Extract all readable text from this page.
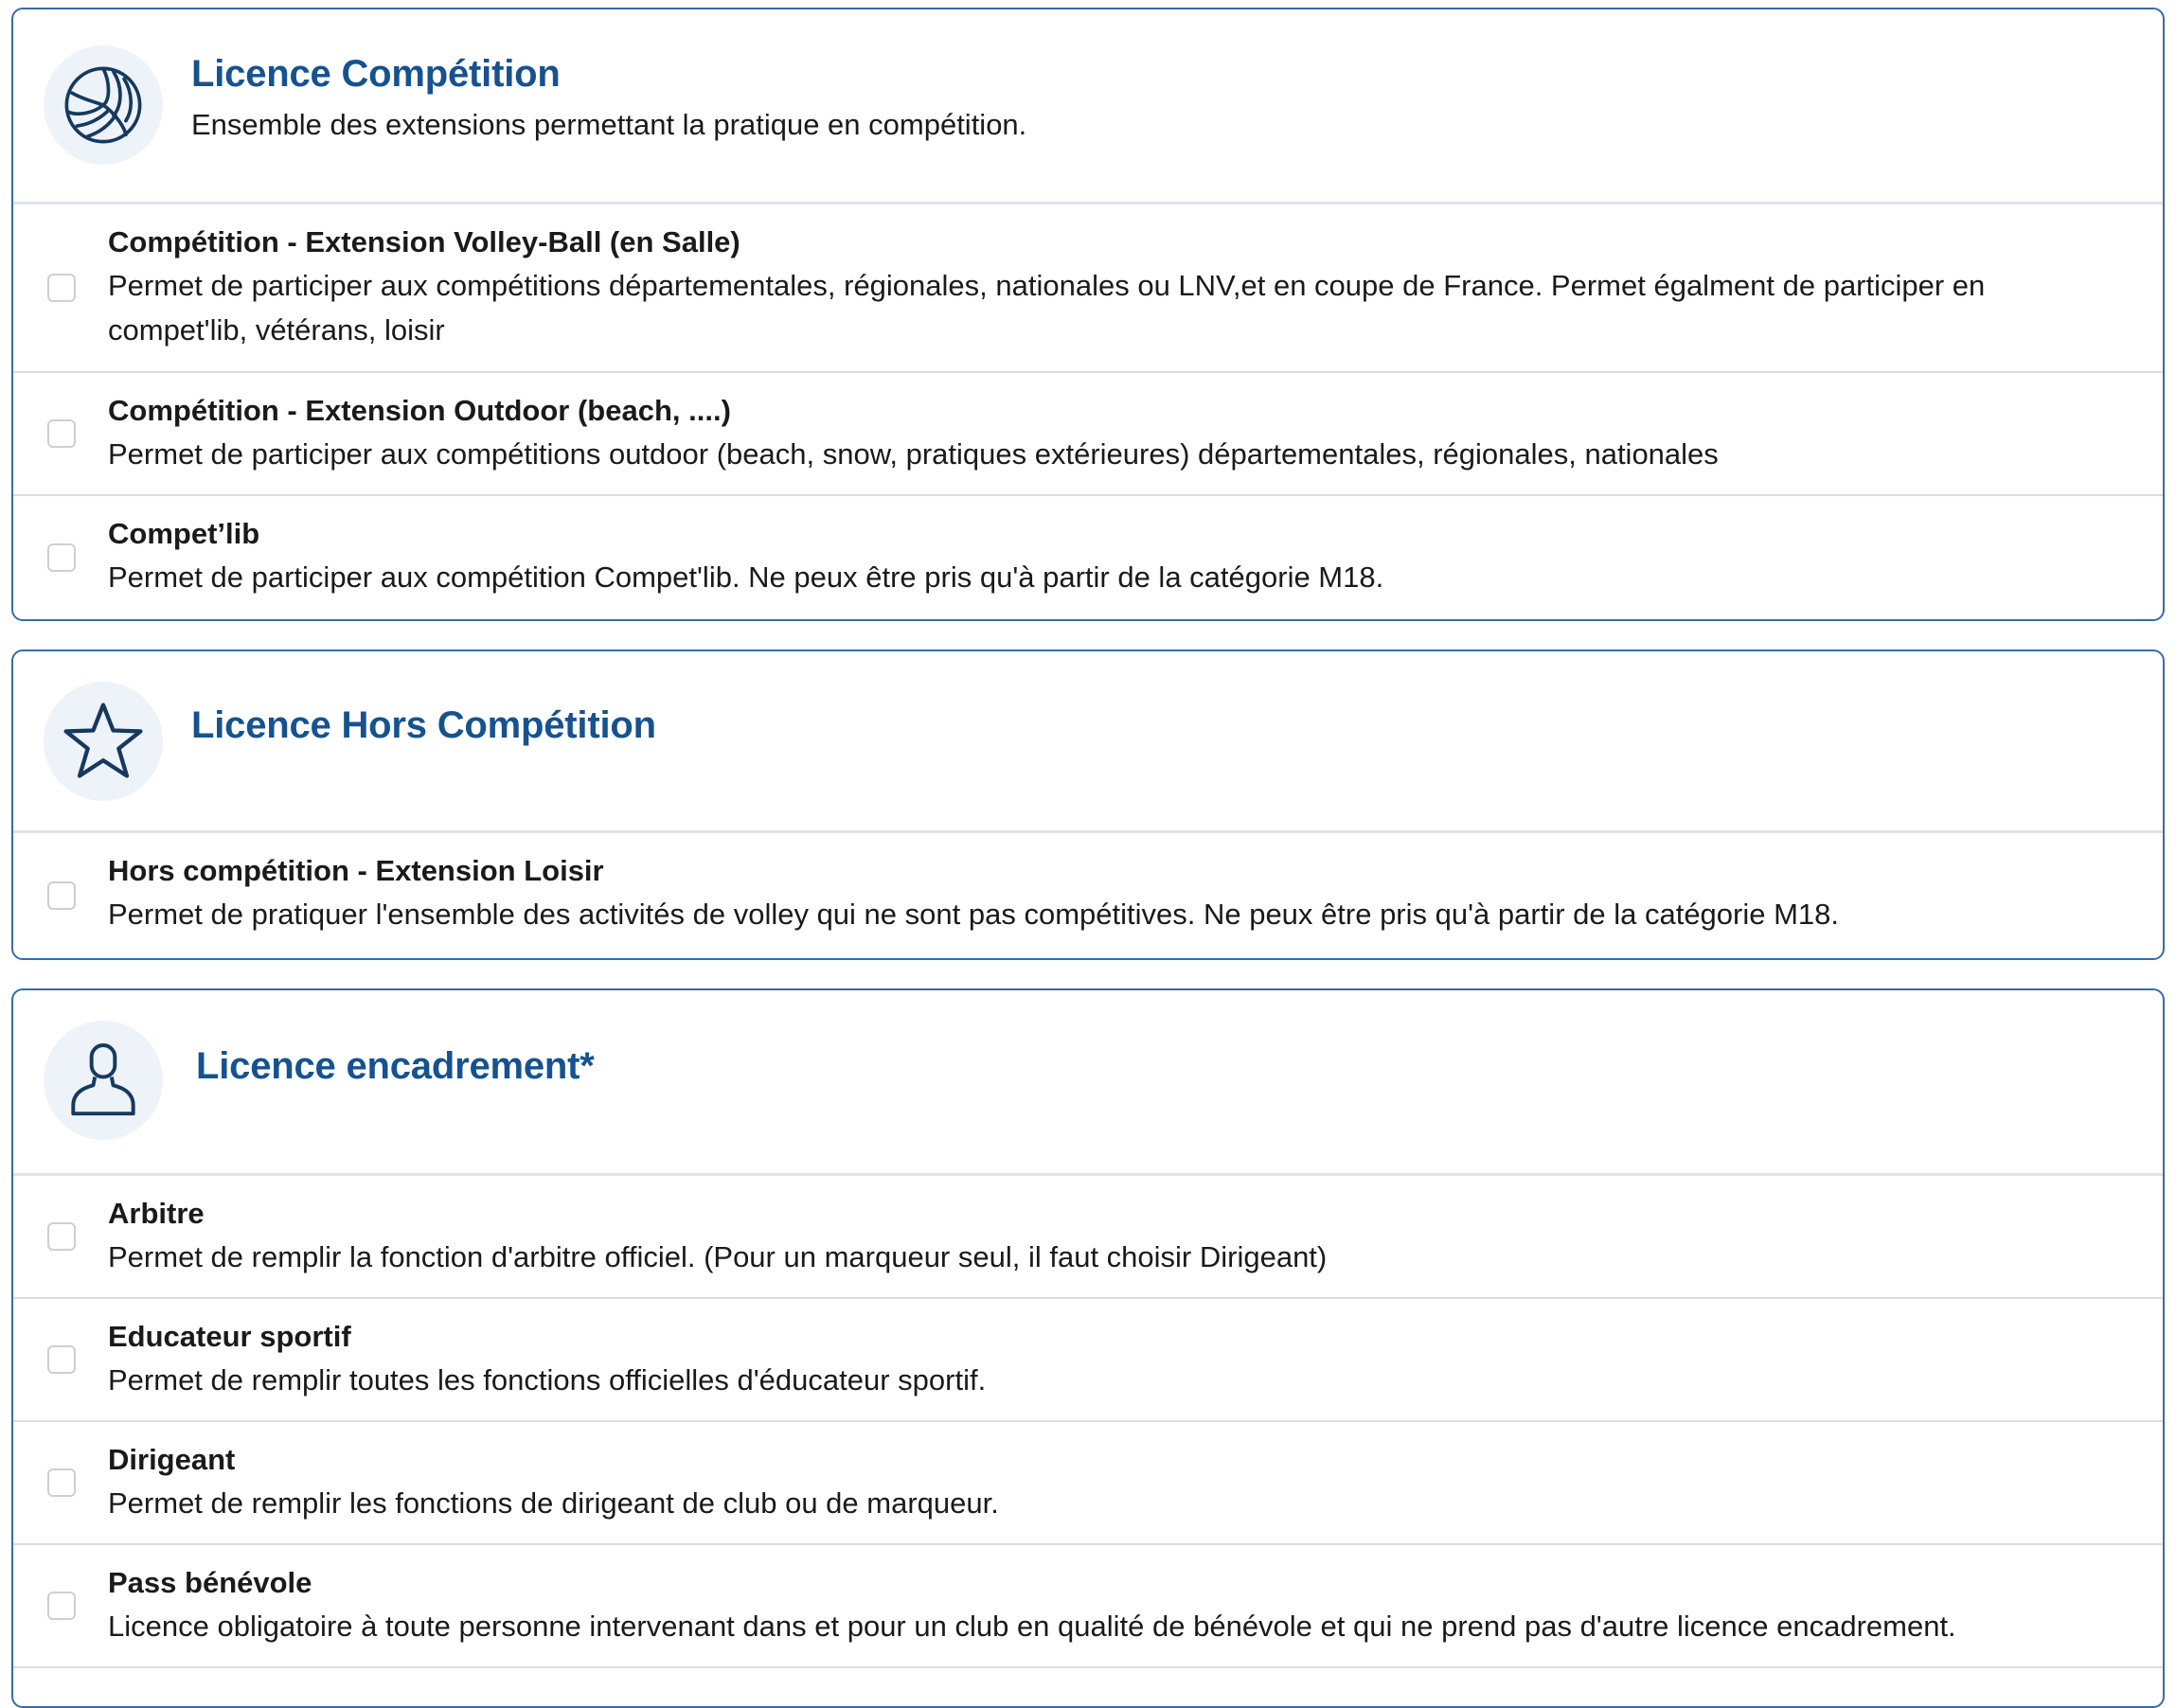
Licence Compétition

Ensemble des extensions permettant la pratique en compétition.

Compétition - Extension Volley-Ball (en Salle)
Permet de participer aux compétitions départementales, régionales, nationales ou LNV,et en coupe de France. Permet égalment de participer en compet'lib, vétérans, loisir
Compétition - Extension Outdoor (beach, ....)
Permet de participer aux compétitions outdoor (beach, snow, pratiques extérieures) départementales, régionales, nationales
Compet’lib
Permet de participer aux compétition Compet'lib. Ne peux être pris qu'à partir de la catégorie M18.
Licence Hors Compétition
Hors compétition - Extension Loisir
Permet de pratiquer l'ensemble des activités de volley qui ne sont pas compétitives. Ne peux être pris qu'à partir de la catégorie M18.
Licence encadrement*
Arbitre
Permet de remplir la fonction d'arbitre officiel. (Pour un marqueur seul, il faut choisir Dirigeant)
Educateur sportif
Permet de remplir toutes les fonctions officielles d'éducateur sportif.
Dirigeant
Permet de remplir les fonctions de dirigeant de club ou de marqueur.
Pass bénévole
Licence obligatoire à toute personne intervenant dans et pour un club en qualité de bénévole et qui ne prend pas d'autre licence encadrement.
